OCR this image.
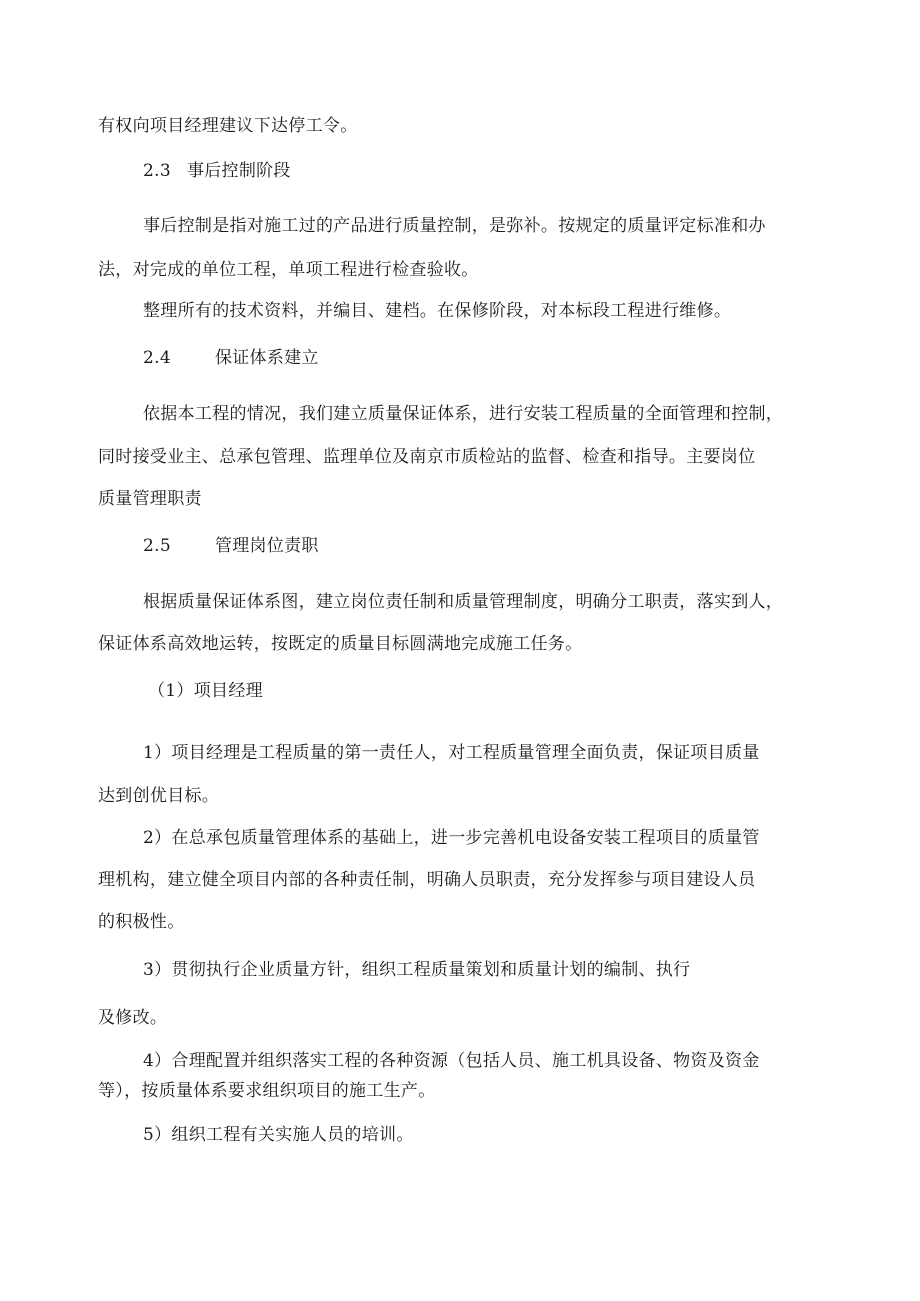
有权向项目经理建议下达停工令。
2.3 事后控制阶段
事后控制是指对施工过的产品进行质量控制，是弥补。按规定的质量评定标准和办
法，对完成的单位工程，单项工程进行检查验收。
整理所有的技术资料，并编目、建档。在保修阶段，对本标段工程进行维修。
2.4	保证体系建立
依据本工程的情况，我们建立质量保证体系，进行安装工程质量的全面管理和控制，
同时接受业主、总承包管理、监理单位及南京市质检站的监督、检查和指导。主要岗位
质量管理职责
2.5	管理岗位责职
根据质量保证体系图，建立岗位责任制和质量管理制度，明确分工职责，落实到人，
保证体系高效地运转，按既定的质量目标圆满地完成施工任务。
（1）项目经理
1）项目经理是工程质量的第一责任人，对工程质量管理全面负责，保证项目质量
达到创优目标。
2）在总承包质量管理体系的基础上，进一步完善机电设备安装工程项目的质量管
理机构，建立健全项目内部的各种责任制，明确人员职责，充分发挥参与项目建设人员
的积极性。
3）贯彻执行企业质量方针，组织工程质量策划和质量计划的编制、执行
及修改。
4）合理配置并组织落实工程的各种资源（包括人员、施工机具设备、物资及资金
等），按质量体系要求组织项目的施工生产。
5）组织工程有关实施人员的培训。
